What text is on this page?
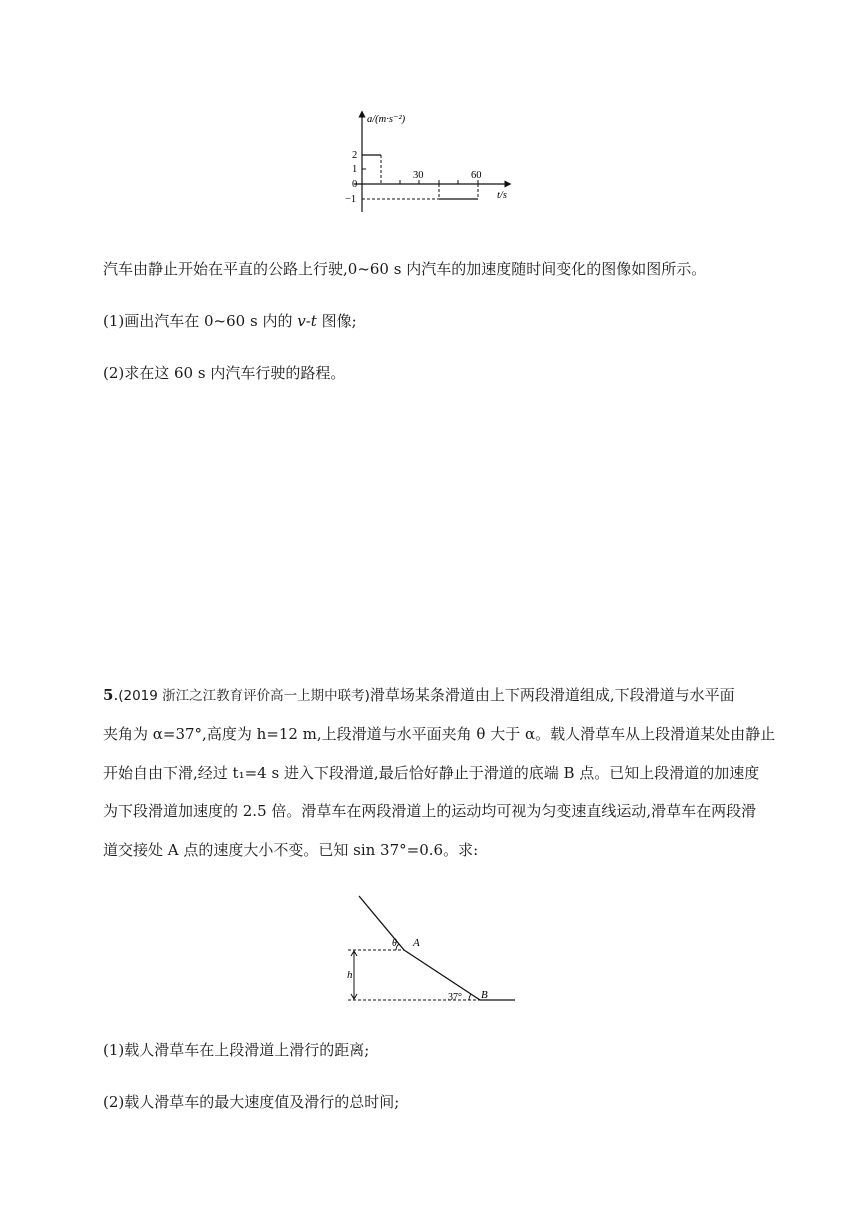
a/(m·s⁻²)
t/s
2
1
0
−1
30	60
汽车由静止开始在平直的公路上行驶,0~60 s 内汽车的加速度随时间变化的图像如图所示。
(1)画出汽车在 0~60 s 内的 v-t 图像;
(2)求在这 60 s 内汽车行驶的路程。
5.(2019 浙江之江教育评价高一上期中联考)滑草场某条滑道由上下两段滑道组成,下段滑道与水平面
夹角为 α=37°,高度为 h=12 m,上段滑道与水平面夹角 θ 大于 α。载人滑草车从上段滑道某处由静止
开始自由下滑,经过 t₁=4 s 进入下段滑道,最后恰好静止于滑道的底端 B 点。已知上段滑道的加速度
为下段滑道加速度的 2.5 倍。滑草车在两段滑道上的运动均可视为匀变速直线运动,滑草车在两段滑
道交接处 A 点的速度大小不变。已知 sin 37°=0.6。求:
h
θ A
37° B
(1)载人滑草车在上段滑道上滑行的距离;
(2)载人滑草车的最大速度值及滑行的总时间;
